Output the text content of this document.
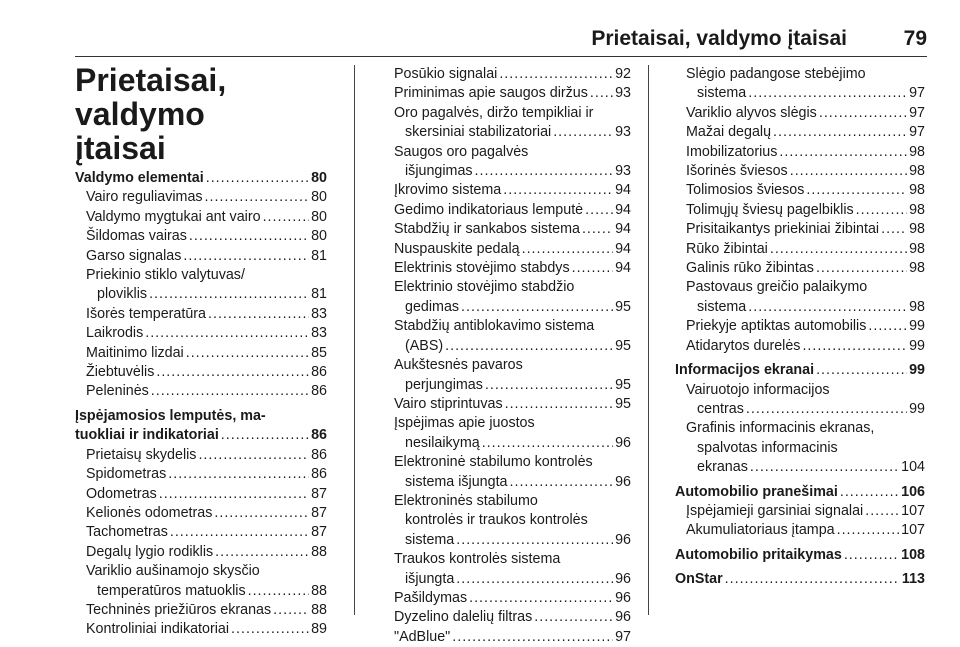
Prietaisai, valdymo įtaisai	79
Prietaisai, valdymo
įtaisai
Valdymo elementai .....	80
Vairo reguliavimas .....	80
Valdymo mygtukai ant vairo .....	80
Šildomas vairas .....	80
Garso signalas .....	81
Priekinio stiklo valytuvas/
ploviklis .....	81
Išorės temperatūra .....	83
Laikrodis .....	83
Maitinimo lizdai .....	85
Žiebtuvėlis .....	86
Peleninės .....	86
Įspėjamosios lemputės, ma-
tuokliai ir indikatoriai .....	86
Prietaisų skydelis .....	86
Spidometras .....	86
Odometras .....	87
Kelionės odometras .....	87
Tachometras .....	87
Degalų lygio rodiklis .....	88
Variklio aušinamojo skysčio
temperatūros matuoklis .....	88
Techninės priežiūros ekranas .....	88
Kontroliniai indikatoriai .....	89
Posūkio signalai .....	92
Priminimas apie saugos diržus ..... 93
Oro pagalvės, diržo tempikliai ir
skersiniai stabilizatoriai .....	93
Saugos oro pagalvės
išjungimas .....	93
Įkrovimo sistema .....	94
Gedimo indikatoriaus lemputė ..... 94
Stabdžių ir sankabos sistema ..... 94
Nuspauskite pedalą .....	94
Elektrinis stovėjimo stabdys .....	94
Elektrinio stovėjimo stabdžio
gedimas .....	95
Stabdžių antiblokavimo sistema
(ABS) .....	95
Aukštesnės pavaros
perjungimas .....	95
Vairo stiprintuvas .....	95
Įspėjimas apie juostos
nesilaikymą .....	96
Elektroninė stabilumo kontrolės
sistema išjungta .....	96
Elektroninės stabilumo
kontrolės ir traukos kontrolės
sistema .....	96
Traukos kontrolės sistema
išjungta .....	96
Pašildymas .....	96
Dyzelino dalelių filtras .....	96
"AdBlue" .....	97
Slėgio padangose stebėjimo
sistema .....	97
Variklio alyvos slėgis .....	97
Mažai degalų .....	97
Imobilizatorius .....	98
Išorinės šviesos .....	98
Tolimosios šviesos .....	98
Tolimųjų šviesų pagelbiklis .....	98
Prisitaikantys priekiniai žibintai ..... 98
Rūko žibintai .....	98
Galinis rūko žibintas .....	98
Pastovaus greičio palaikymo
sistema .....	98
Priekyje aptiktas automobilis .....	99
Atidarytos durelės .....	99
Informacijos ekranai .....	99
Vairuotojo informacijos
centras .....	99
Grafinis informacinis ekranas,
spalvotas informacinis
ekranas .....	104
Automobilio pranešimai .....	106
Įspėjamieji garsiniai signalai .....	107
Akumuliatoriaus įtampa .....	107
Automobilio pritaikymas .....	108
OnStar .....	113
